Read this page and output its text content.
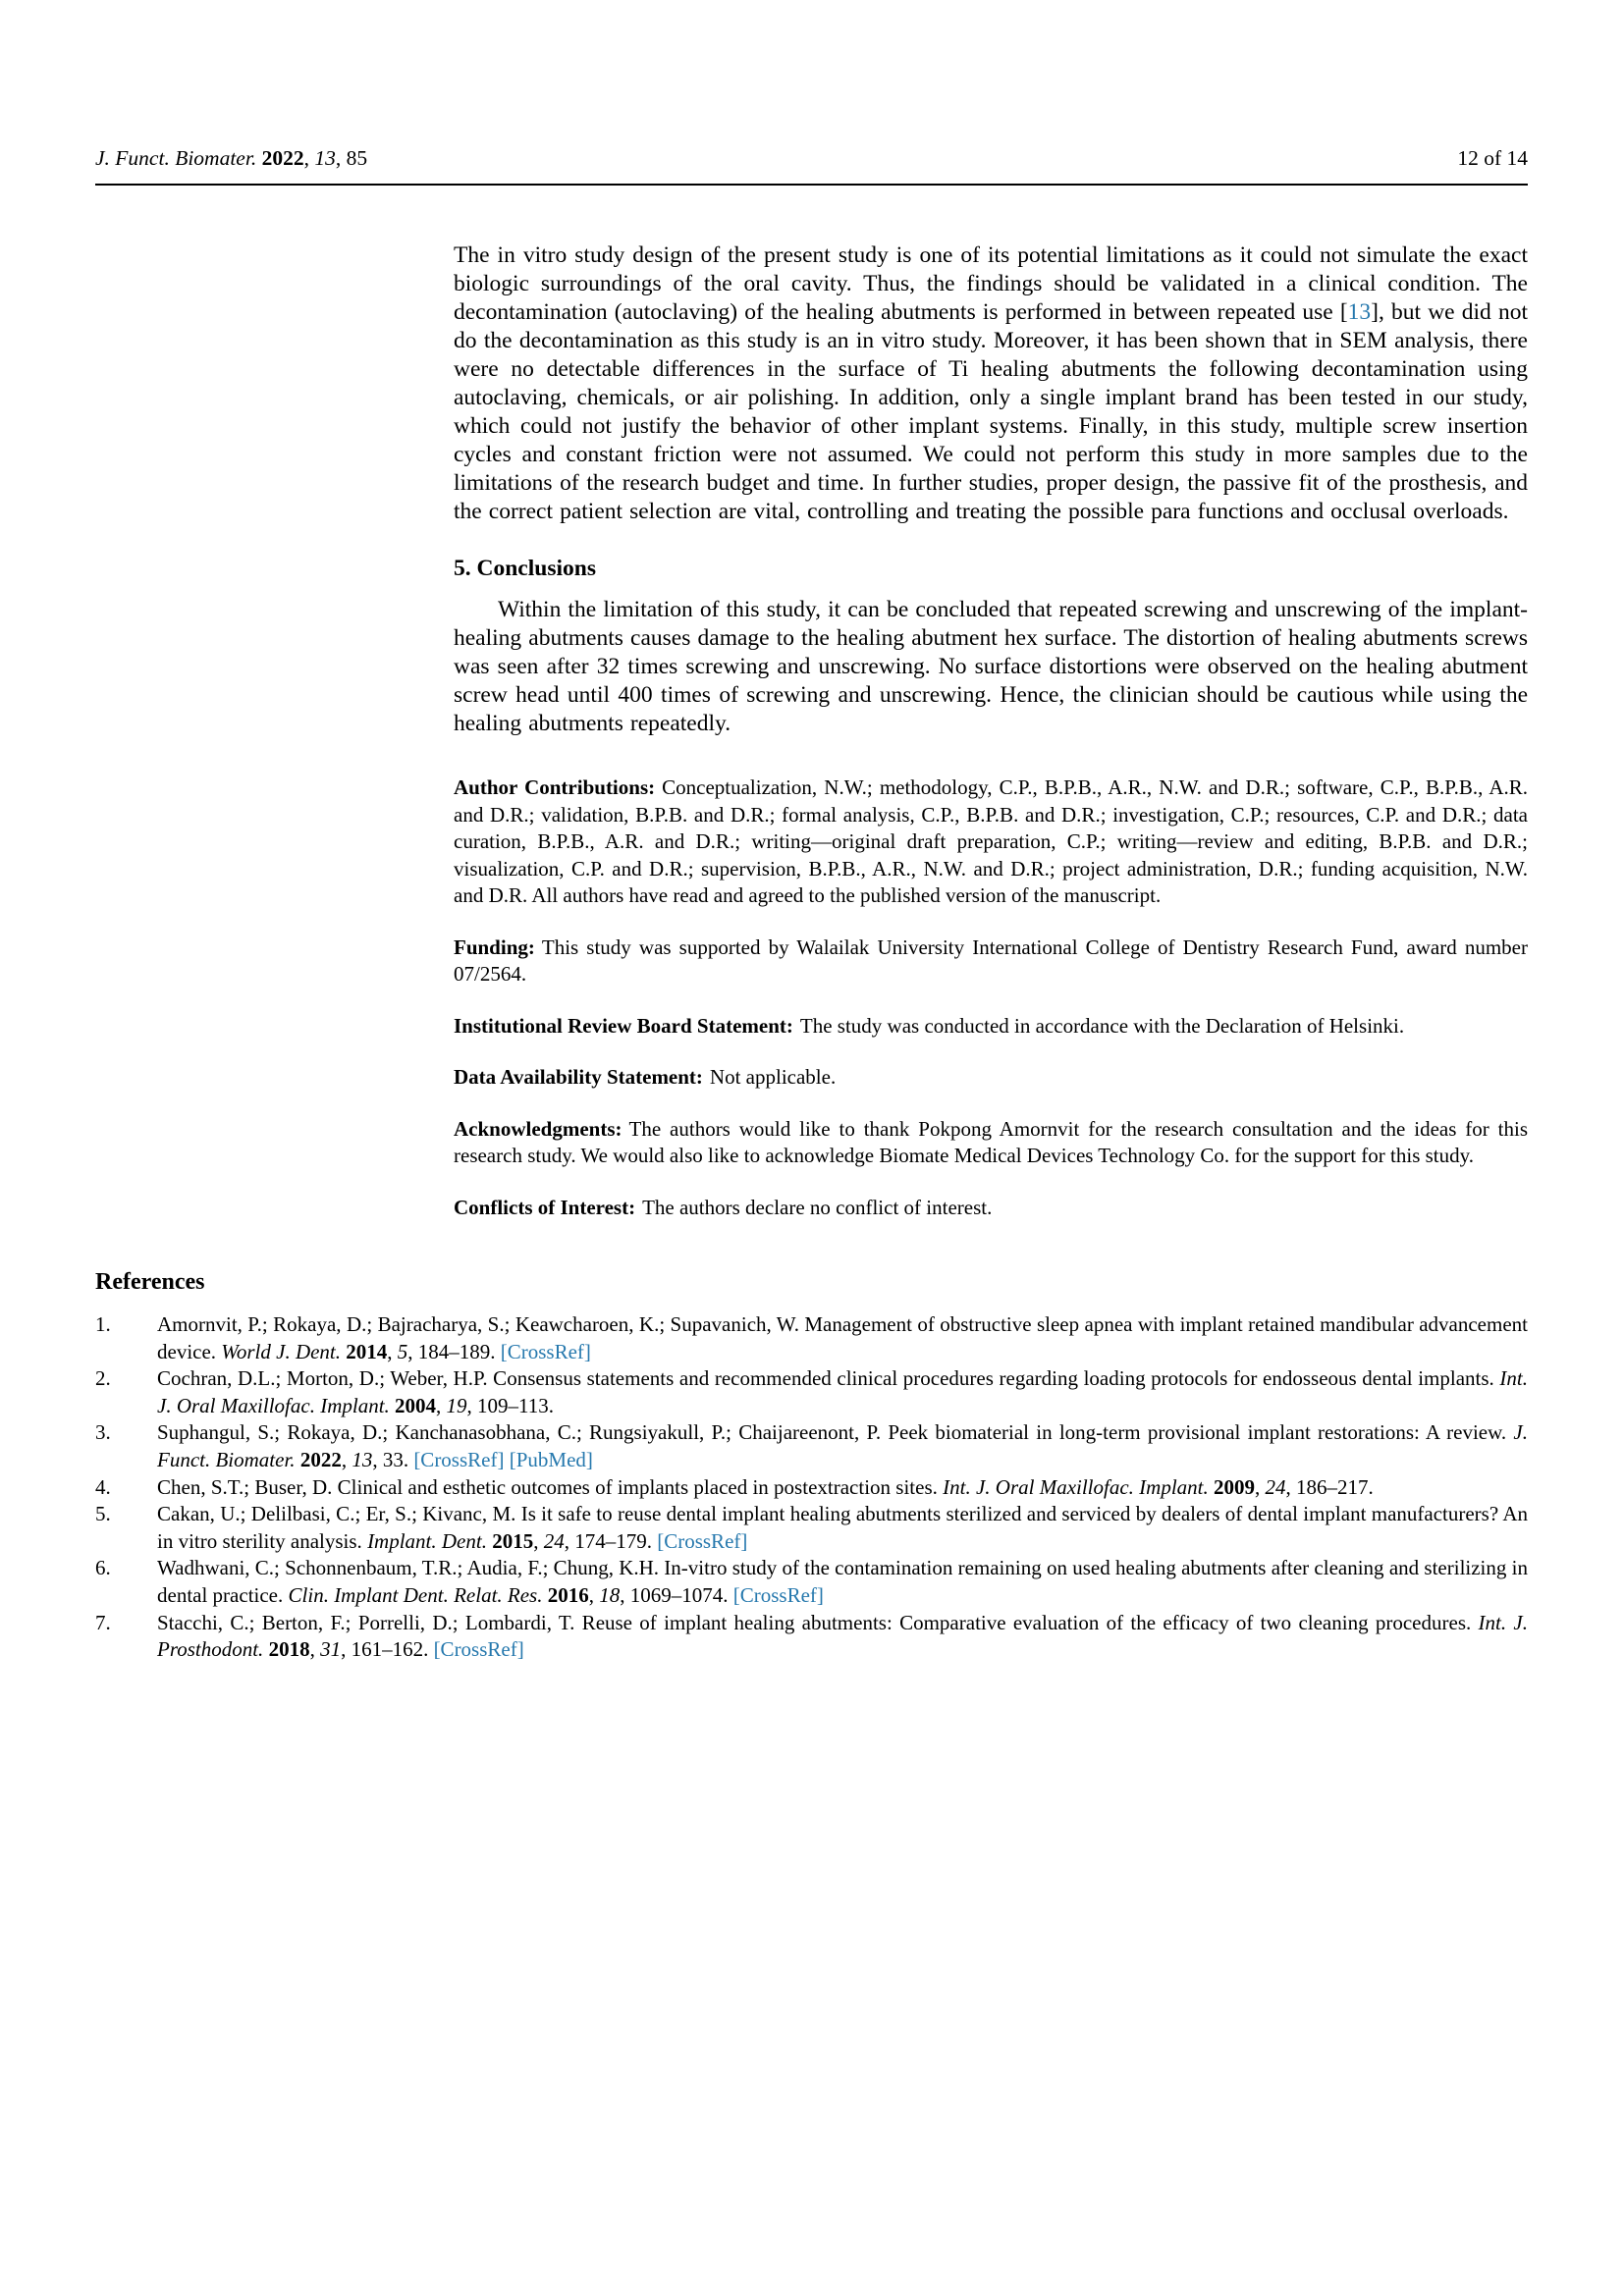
J. Funct. Biomater. 2022, 13, 85	12 of 14

The in vitro study design of the present study is one of its potential limitations as it could not simulate the exact biologic surroundings of the oral cavity. Thus, the findings should be validated in a clinical condition. The decontamination (autoclaving) of the healing abutments is performed in between repeated use [13], but we did not do the decontamination as this study is an in vitro study. Moreover, it has been shown that in SEM analysis, there were no detectable differences in the surface of Ti healing abutments the following decontamination using autoclaving, chemicals, or air polishing. In addition, only a single implant brand has been tested in our study, which could not justify the behavior of other implant systems. Finally, in this study, multiple screw insertion cycles and constant friction were not assumed. We could not perform this study in more samples due to the limitations of the research budget and time. In further studies, proper design, the passive fit of the prosthesis, and the correct patient selection are vital, controlling and treating the possible para functions and occlusal overloads.

5. Conclusions

Within the limitation of this study, it can be concluded that repeated screwing and unscrewing of the implant-healing abutments causes damage to the healing abutment hex surface. The distortion of healing abutments screws was seen after 32 times screwing and unscrewing. No surface distortions were observed on the healing abutment screw head until 400 times of screwing and unscrewing. Hence, the clinician should be cautious while using the healing abutments repeatedly.

Author Contributions: Conceptualization, N.W.; methodology, C.P., B.P.B., A.R., N.W. and D.R.; software, C.P., B.P.B., A.R. and D.R.; validation, B.P.B. and D.R.; formal analysis, C.P., B.P.B. and D.R.; investigation, C.P.; resources, C.P. and D.R.; data curation, B.P.B., A.R. and D.R.; writing—original draft preparation, C.P.; writing—review and editing, B.P.B. and D.R.; visualization, C.P. and D.R.; supervision, B.P.B., A.R., N.W. and D.R.; project administration, D.R.; funding acquisition, N.W. and D.R. All authors have read and agreed to the published version of the manuscript.

Funding: This study was supported by Walailak University International College of Dentistry Research Fund, award number 07/2564.

Institutional Review Board Statement: The study was conducted in accordance with the Declaration of Helsinki.

Data Availability Statement: Not applicable.

Acknowledgments: The authors would like to thank Pokpong Amornvit for the research consultation and the ideas for this research study. We would also like to acknowledge Biomate Medical Devices Technology Co. for the support for this study.

Conflicts of Interest: The authors declare no conflict of interest.

References
1. Amornvit, P.; Rokaya, D.; Bajracharya, S.; Keawcharoen, K.; Supavanich, W. Management of obstructive sleep apnea with implant retained mandibular advancement device. World J. Dent. 2014, 5, 184–189. [CrossRef]
2. Cochran, D.L.; Morton, D.; Weber, H.P. Consensus statements and recommended clinical procedures regarding loading protocols for endosseous dental implants. Int. J. Oral Maxillofac. Implant. 2004, 19, 109–113.
3. Suphangul, S.; Rokaya, D.; Kanchanasobhana, C.; Rungsiyakull, P.; Chaijareenont, P. Peek biomaterial in long-term provisional implant restorations: A review. J. Funct. Biomater. 2022, 13, 33. [CrossRef] [PubMed]
4. Chen, S.T.; Buser, D. Clinical and esthetic outcomes of implants placed in postextraction sites. Int. J. Oral Maxillofac. Implant. 2009, 24, 186–217.
5. Cakan, U.; Delilbasi, C.; Er, S.; Kivanc, M. Is it safe to reuse dental implant healing abutments sterilized and serviced by dealers of dental implant manufacturers? An in vitro sterility analysis. Implant. Dent. 2015, 24, 174–179. [CrossRef]
6. Wadhwani, C.; Schonnenbaum, T.R.; Audia, F.; Chung, K.H. In-vitro study of the contamination remaining on used healing abutments after cleaning and sterilizing in dental practice. Clin. Implant Dent. Relat. Res. 2016, 18, 1069–1074. [CrossRef]
7. Stacchi, C.; Berton, F.; Porrelli, D.; Lombardi, T. Reuse of implant healing abutments: Comparative evaluation of the efficacy of two cleaning procedures. Int. J. Prosthodont. 2018, 31, 161–162. [CrossRef]
